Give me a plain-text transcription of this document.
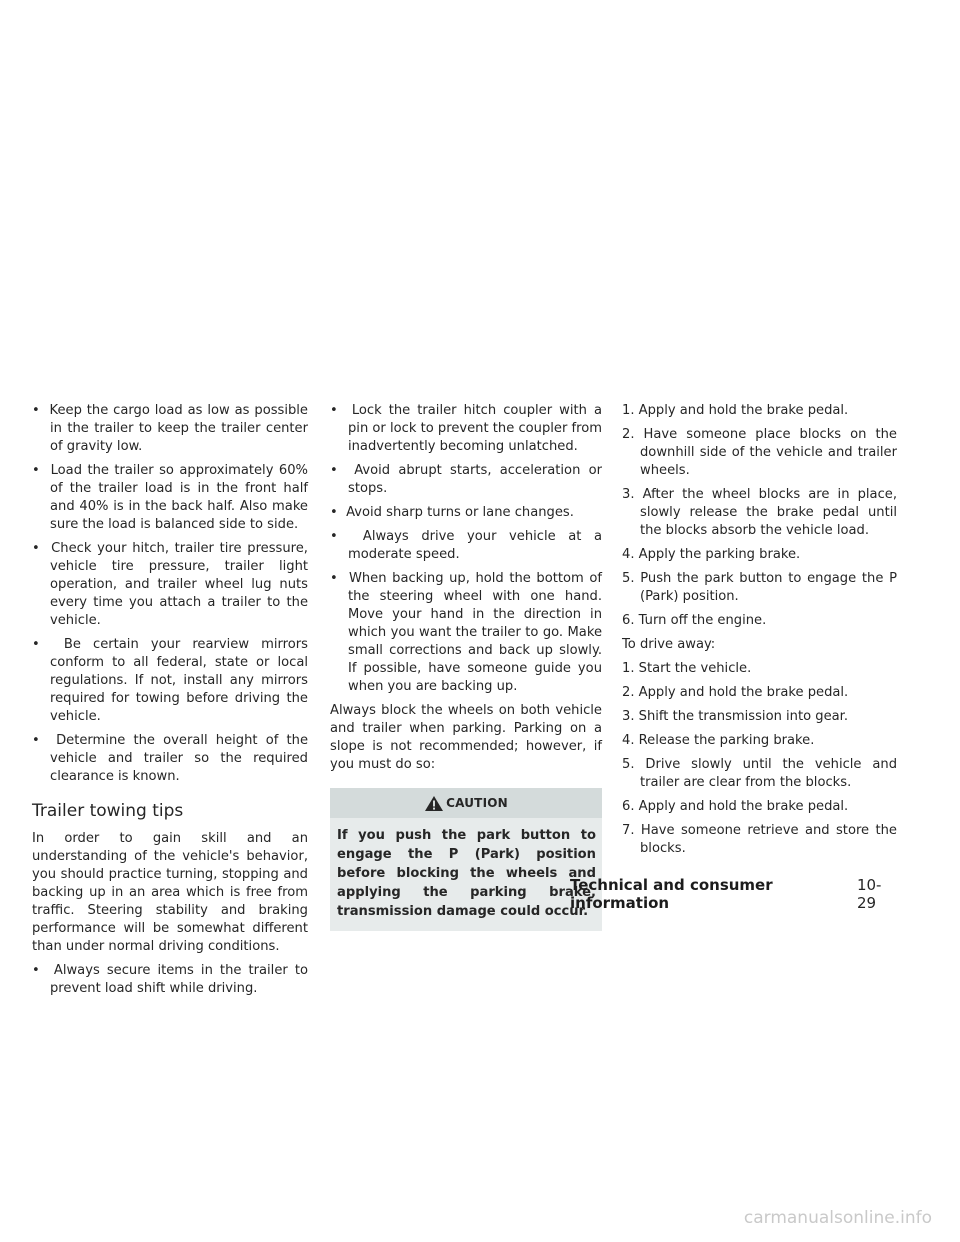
•  Keep the cargo load as low as possible in the trailer to keep the trailer center of gravity low.
•  Load the trailer so approximately 60% of the trailer load is in the front half and 40% is in the back half. Also make sure the load is balanced side to side.
•  Check your hitch, trailer tire pressure, vehicle tire pressure, trailer light operation, and trailer wheel lug nuts every time you attach a trailer to the vehicle.
•  Be certain your rearview mirrors conform to all federal, state or local regulations. If not, install any mirrors required for towing before driving the vehicle.
•  Determine the overall height of the vehicle and trailer so the required clearance is known.
Trailer towing tips
In order to gain skill and an understanding of the vehicle's behavior, you should practice turning, stopping and backing up in an area which is free from traffic. Steering stability and braking performance will be somewhat different than under normal driving conditions.
•  Always secure items in the trailer to prevent load shift while driving.
•  Lock the trailer hitch coupler with a pin or lock to prevent the coupler from inadvertently becoming unlatched.
•  Avoid abrupt starts, acceleration or stops.
•  Avoid sharp turns or lane changes.
•  Always drive your vehicle at a moderate speed.
•  When backing up, hold the bottom of the steering wheel with one hand. Move your hand in the direction in which you want the trailer to go. Make small corrections and back up slowly. If possible, have someone guide you when you are backing up.
Always block the wheels on both vehicle and trailer when parking. Parking on a slope is not recommended; however, if you must do so:
CAUTION
If you push the park button to engage the P (Park) position before blocking the wheels and applying the parking brake, transmission damage could occur.
1. Apply and hold the brake pedal.
2. Have someone place blocks on the downhill side of the vehicle and trailer wheels.
3. After the wheel blocks are in place, slowly release the brake pedal until the blocks absorb the vehicle load.
4. Apply the parking brake.
5. Push the park button to engage the P (Park) position.
6. Turn off the engine.
To drive away:
1. Start the vehicle.
2. Apply and hold the brake pedal.
3. Shift the transmission into gear.
4. Release the parking brake.
5. Drive slowly until the vehicle and trailer are clear from the blocks.
6. Apply and hold the brake pedal.
7. Have someone retrieve and store the blocks.
Technical and consumer information
10-29
carmanualsonline.info
